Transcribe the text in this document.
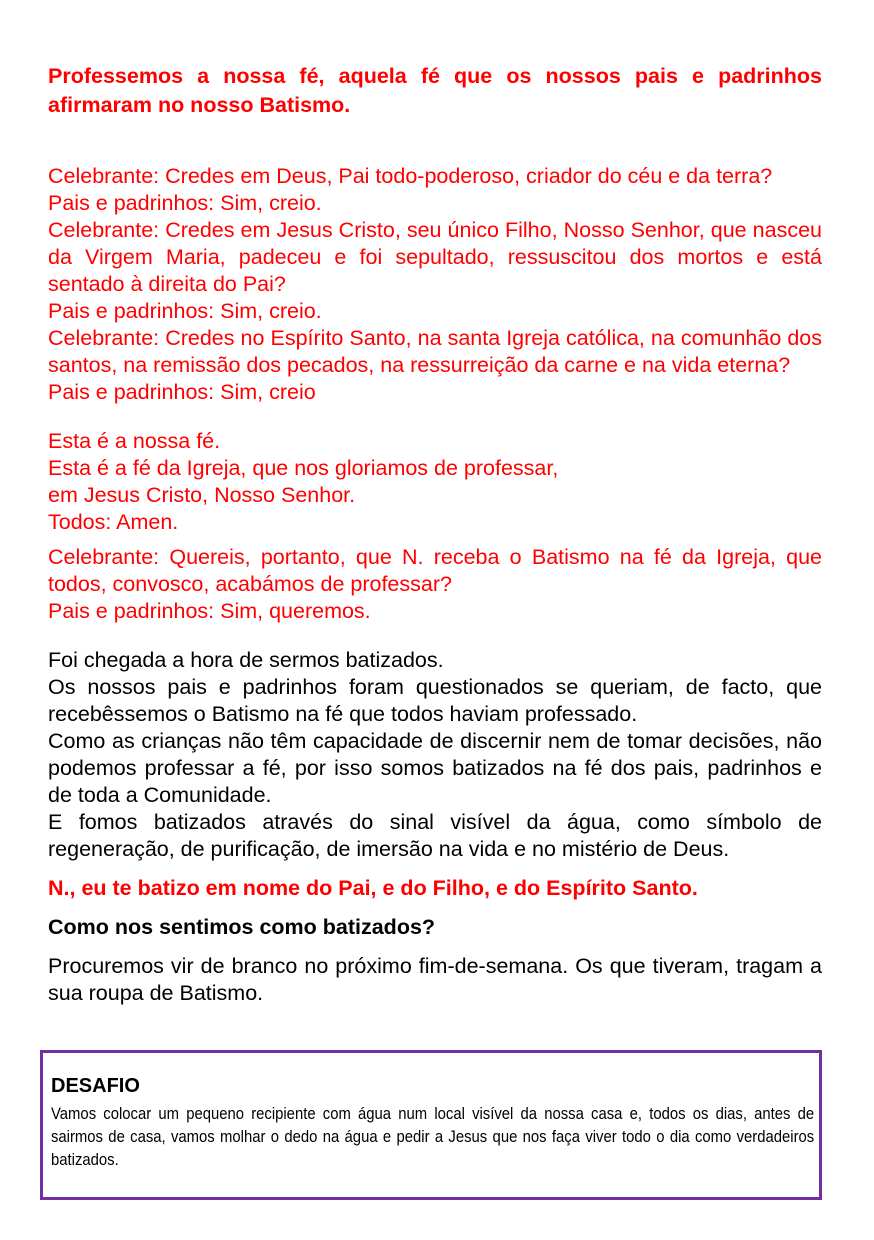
Professemos a nossa fé, aquela fé que os nossos pais e padrinhos afirmaram no nosso Batismo.

Celebrante: Credes em Deus, Pai todo-poderoso, criador do céu e da terra?
Pais e padrinhos: Sim, creio.
Celebrante: Credes em Jesus Cristo, seu único Filho, Nosso Senhor, que nasceu da Virgem Maria, padeceu e foi sepultado, ressuscitou dos mortos e está sentado à direita do Pai?
Pais e padrinhos: Sim, creio.
Celebrante: Credes no Espírito Santo, na santa Igreja católica, na comunhão dos santos, na remissão dos pecados, na ressurreição da carne e na vida eterna?
Pais e padrinhos: Sim, creio
Esta é a nossa fé.
Esta é a fé da Igreja, que nos gloriamos de professar,
em Jesus Cristo, Nosso Senhor.
Todos: Amen.
Celebrante: Quereis, portanto, que N. receba o Batismo na fé da Igreja, que todos, convosco, acabámos de professar?
Pais e padrinhos: Sim, queremos.
Foi chegada a hora de sermos batizados.
Os nossos pais e padrinhos foram questionados se queriam, de facto, que recebêssemos o Batismo na fé que todos haviam professado.
Como as crianças não têm capacidade de discernir nem de tomar decisões, não podemos professar a fé, por isso somos batizados na fé dos pais, padrinhos e de toda a Comunidade.
E fomos batizados através do sinal visível da água, como símbolo de regeneração, de purificação, de imersão na vida e no mistério de Deus.

N., eu te batizo em nome do Pai, e do Filho, e do Espírito Santo.

Como nos sentimos como batizados?

Procuremos vir de branco no próximo fim-de-semana. Os que tiveram, tragam a sua roupa de Batismo.

DESAFIO

Vamos colocar um pequeno recipiente com água num local visível da nossa casa e, todos os dias, antes de sairmos de casa, vamos molhar o dedo na água e pedir a Jesus que nos faça viver todo o dia como verdadeiros batizados.
